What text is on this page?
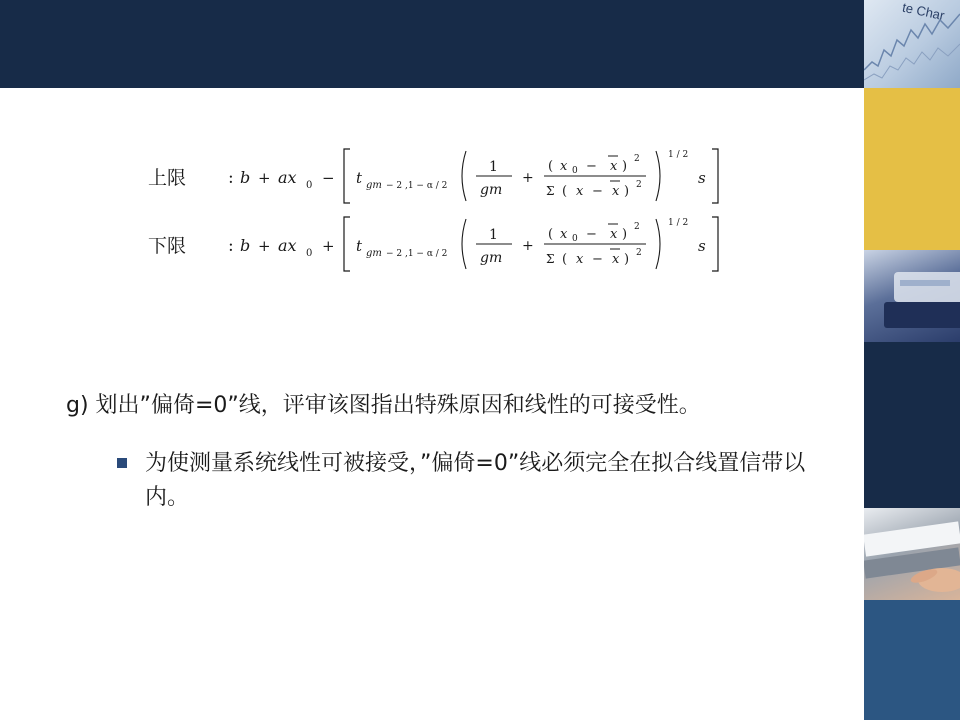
te Char
上限 : b + ax 0 − t gm − 2 ,1 − α / 2
1
gm
+
( x 0 − x ) 2
Σ ( x − x ) 2
1 / 2
s
下限 : b + ax 0 + t gm − 2 ,1 − α / 2
1
gm
+
( x 0 − x ) 2
Σ ( x − x ) 2
1 / 2
s
g) 划出”偏倚=0”线，评审该图指出特殊原因和线性的可接受性。
为使测量系统线性可被接受，”偏倚=0”线必须完全在拟合线置信带以内。
